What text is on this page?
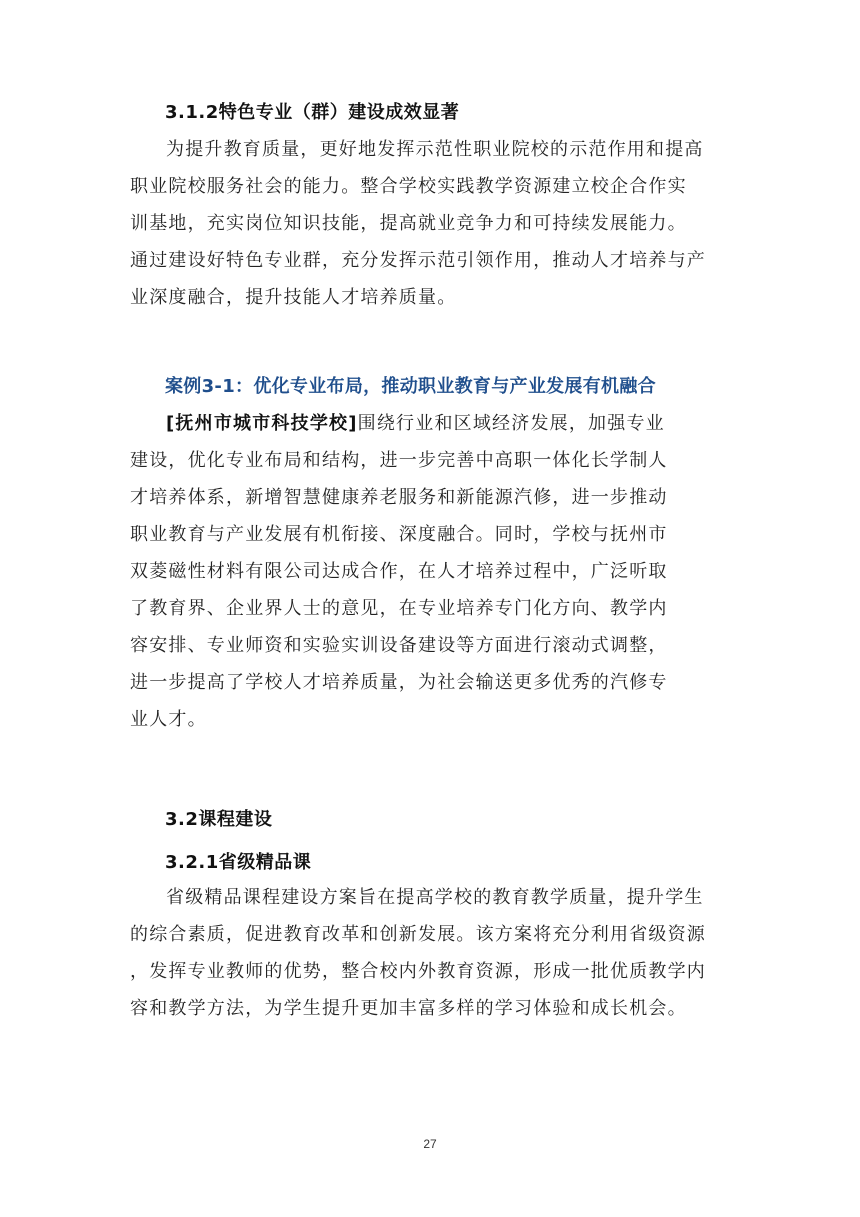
3.1.2特色专业（群）建设成效显著
为提升教育质量，更好地发挥示范性职业院校的示范作用和提高
职业院校服务社会的能力。整合学校实践教学资源建立校企合作实
训基地，充实岗位知识技能，提高就业竞争力和可持续发展能力。
通过建设好特色专业群，充分发挥示范引领作用，推动人才培养与产
业深度融合，提升技能人才培养质量。
案例3-1：优化专业布局，推动职业教育与产业发展有机融合
[抚州市城市科技学校]围绕行业和区域经济发展，加强专业
建设，优化专业布局和结构，进一步完善中高职一体化长学制人
才培养体系，新增智慧健康养老服务和新能源汽修，进一步推动
职业教育与产业发展有机衔接、深度融合。同时，学校与抚州市
双菱磁性材料有限公司达成合作，在人才培养过程中，广泛听取
了教育界、企业界人士的意见，在专业培养专门化方向、教学内
容安排、专业师资和实验实训设备建设等方面进行滚动式调整，
进一步提高了学校人才培养质量，为社会输送更多优秀的汽修专
业人才。
3.2课程建设
3.2.1省级精品课
省级精品课程建设方案旨在提高学校的教育教学质量，提升学生
的综合素质，促进教育改革和创新发展。该方案将充分利用省级资源
，发挥专业教师的优势，整合校内外教育资源，形成一批优质教学内
容和教学方法，为学生提升更加丰富多样的学习体验和成长机会。
27
